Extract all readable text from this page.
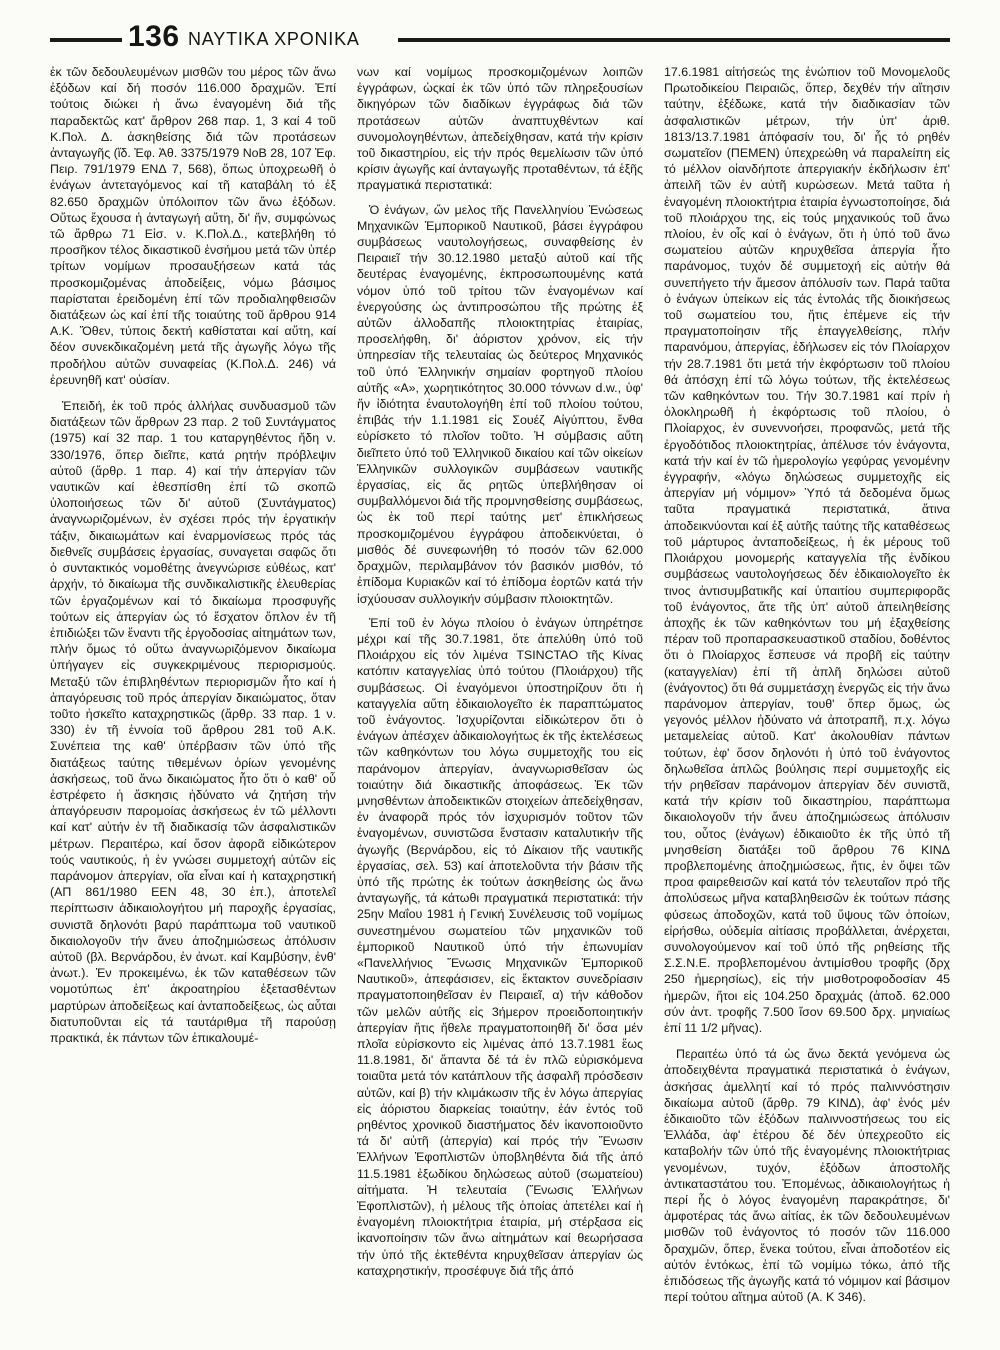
136 ΝΑΥΤΙΚΑ ΧΡΟΝΙΚΑ

ἐκ τῶν δεδουλευμένων μισθῶν του μέρος τῶν ἄνω ἐξόδων καί δή ποσόν 116.000 δραχμῶν. Ἐπί τούτοις διώκει ἡ ἄνω ἐναγομένη διά τῆς παραδεκτῶς κατ' ἄρθρον 268 παρ. 1, 3 καί 4 τοῦ Κ.Πολ. Δ. ἀσκηθείσης διά τῶν προτάσεων ἀνταγωγῆς (ἴδ. Ἐφ. Ἀθ. 3375/1979 ΝοΒ 28, 107 Ἐφ. Πειρ. 791/1979 ΕΝΔ 7, 568), ὅπως ὑποχρεωθῆ ὁ ἐνάγων ἀντεταγόμενος καί τῆ καταβάλη τό ἐξ 82.650 δραχμῶν ὑπόλοιπον τῶν ἄνω ἐξόδων. Οὕτως ἔχουσα ἡ ἀνταγωγή αὕτη, δι' ἥν, συμφώνως τῶ ἄρθρω 71 Εἰσ. ν. Κ.Πολ.Δ., κατεβλήθη τό προσῆκον τέλος δικαστικοῦ ἐνσήμου μετά τῶν ὑπέρ τρίτων νομίμων προσαυξήσεων κατά τάς προσκομιζομένας ἀποδείξεις, νόμω βάσιμος παρίσταται ἐρειδομένη ἐπί τῶν προδιαληφθεισῶν διατάξεων ὡς καί ἐπί τῆς τοιαύτης τοῦ ἄρθρου 914 Α.Κ. Ὅθεν, τύποις δεκτή καθίσταται καί αὕτη, καί δέον συνεκδικαζομένη μετά τῆς ἀγωγῆς λόγω τῆς προδήλου αὐτῶν συναφείας (Κ.Πολ.Δ. 246) νά ἐρευνηθῆ κατ' οὐσίαν.

Ἐπειδή, ἐκ τοῦ πρός ἀλλήλας συνδυασμοῦ τῶν διατάξεων τῶν ἄρθρων 23 παρ. 2 τοῦ Συντάγματος (1975) καί 32 παρ. 1 του καταργηθέντος ἤδη ν. 330/1976, ὅπερ διεῖπε, κατά ρητήν πρόβλεψιν αὐτοῦ (ἄρθρ. 1 παρ. 4) καί τήν ἀπεργίαν τῶν ναυτικῶν καί ἐθεσπίσθη ἐπί τῶ σκοπῶ ὑλοποιήσεως τῶν δι' αὐτοῦ (Συντάγματος) ἀναγνωριζομένων, ἐν σχέσει πρός τήν ἐργατικήν τάξιν, δικαιωμάτων καί ἐναρμονίσεως πρός τάς διεθνεῖς συμβάσεις ἐργασίας, συναγεται σαφῶς ὅτι ὁ συντακτικός νομοθέτης ἀνεγνώρισε εὐθέως, κατ' ἀρχήν, τό δικαίωμα τῆς συνδικαλιστικῆς ἐλευθερίας τῶν ἐργαζομένων καί τό δικαίωμα προσφυγῆς τούτων εἰς ἀπεργίαν ὡς τό ἔσχατον ὅπλον ἐν τῆ ἐπιδιώξει τῶν ἔναντι τῆς ἐργοδοσίας αἰτημάτων των, πλήν ὅμως τό οὕτω ἀναγνωριζόμενον δικαίωμα ὑπήγαγεν εἰς συγκεκριμένους περιορισμούς. Μεταξύ τῶν ἐπιβληθέντων περιορισμῶν ἦτο καί ἡ ἀπαγόρευσις τοῦ πρός ἀπεργίαν δικαιώματος, ὅταν τοῦτο ἠσκεῖτο καταχρηστικῶς (ἄρθρ. 33 παρ. 1 ν. 330) ἐν τῆ ἐννοία τοῦ ἄρθρου 281 τοῦ Α.Κ. Συνέπεια της καθ' ὑπέρβασιν τῶν ὑπό τῆς διατάξεως ταύτης τιθεμένων ὁρίων γενομένης ἀσκήσεως, τοῦ ἄνω δικαιώματος ἦτο ὅτι ὁ καθ' οὗ ἐστρέφετο ἡ ἄσκησις ἠδύνατο νά ζητήση τήν ἀπαγόρευσιν παρομοίας ἀσκήσεως ἐν τῶ μέλλοντι καί κατ' αὐτήν ἐν τῆ διαδικασίᾳ τῶν ἀσφαλιστικῶν μέτρων. Περαιτέρω, καί ὅσον ἀφορᾶ εἰδικώτερον τούς ναυτικούς, ἡ ἐν γνώσει συμμετοχή αὐτῶν εἰς παράνομον ἀπεργίαν, οἵα εἶναι καί ἡ καταχρηστική (ΑΠ 861/1980 ΕΕΝ 48, 30 ἑπ.), ἀποτελεῖ περίπτωσιν ἀδικαιολογήτου μή παροχῆς ἐργασίας, συνιστᾶ δηλονότι βαρύ παράπτωμα τοῦ ναυτικοῦ δικαιολογοῦν τήν ἄνευ ἀποζημιώσεως ἀπόλυσιν αὐτοῦ (βλ. Βερνάρδου, ἐν ἀνωτ. καί Καμβύσην, ἐνθ' ἀνωτ.). Ἐν προκειμένω, ἐκ τῶν καταθέσεων τῶν νομοτύπως ἐπ' ἀκροατηρίου ἐξετασθέντων μαρτύρων ἀποδείξεως καί ἀνταποδείξεως, ὡς αὗται διατυποῦνται εἰς τά ταυτάριθμα τῆ παρούσῃ πρακτικά, ἐκ πάντων τῶν ἐπικαλουμέ-

νων καί νομίμως προσκομιζομένων λοιπῶν ἐγγράφων, ὡςκαί ἐκ τῶν ὑπό τῶν πληρεξουσίων δικηγόρων τῶν διαδίκων ἐγγράφως διά τῶν προτάσεων αὐτῶν ἀναπτυχθέντων καί συνομολογηθέντων, ἀπεδείχθησαν, κατά τήν κρίσιν τοῦ δικαστηρίου, εἰς τήν πρός θεμελίωσιν τῶν ὑπό κρίσιν ἀγωγῆς καί ἀνταγωγῆς προταθέντων, τά ἑξῆς πραγματικά περιστατικά:

Ὁ ἐνάγων, ὤν μελος τῆς Πανελληνίου Ἑνώσεως Μηχανικῶν Ἐμπορικοῦ Ναυτικοῦ, βάσει ἐγγράφου συμβάσεως ναυτολογήσεως, συναφθείσης ἐν Πειραιεῖ τήν 30.12.1980 μεταξύ αὐτοῦ καί τῆς δευτέρας ἐναγομένης, ἐκπροσωπουμένης κατά νόμον ὑπό τοῦ τρίτου τῶν ἐναγομένων καί ἐνεργούσης ὡς ἀντιπροσώπου τῆς πρώτης ἐξ αὐτῶν ἀλλοδαπῆς πλοιοκτητρίας ἑταιρίας, προσελήφθη, δι' ἀόριστον χρόνον, εἰς τήν ὑπηρεσίαν τῆς τελευταίας ὡς δεύτερος Μηχανικός τοῦ ὑπό Ἑλληνικήν σημαίαν φορτηγοῦ πλοίου αὐτῆς «Α», χωρητικότητος 30.000 τόννων d.w., ὑφ' ἥν ἰδιότητα ἐναυτολογήθη ἐπί τοῦ πλοίου τούτου, ἐπιβάς τήν 1.1.1981 εἰς Σουέζ Αἰγύπτου, ἔνθα εὑρίσκετο τό πλοῖον τοῦτο. Ἡ σύμβασις αὕτη διεῖπετο ὑπό τοῦ Ἑλληνικοῦ δικαίου καί τῶν οἰκείων Ἑλληνικῶν συλλογικῶν συμβάσεων ναυτικῆς ἐργασίας, εἰς ἅς ρητῶς ὑπεβλήθησαν οἱ συμβαλλόμενοι διά τῆς προμνησθείσης συμβάσεως, ὡς ἐκ τοῦ περί ταύτης μετ' ἐπικλήσεως προσκομιζομένου ἐγγράφου ἀποδεικνύεται, ὁ μισθός δέ συνεφωνήθη τό ποσόν τῶν 62.000 δραχμῶν, περιλαμβάνον τόν βασικόν μισθόν, τό ἐπίδομα Κυριακῶν καί τό ἐπίδομα ἐορτῶν κατά τήν ἰσχύουσαν συλλογικήν σύμβασιν πλοιοκτητῶν.

Ἐπί τοῦ ἐν λόγω πλοίου ὁ ἐνάγων ὑπηρέτησε μέχρι καί τῆς 30.7.1981, ὅτε ἀπελύθη ὑπό τοῦ Πλοιάρχου εἰς τόν λιμένα TSINCTAO τῆς Κίνας κατόπιν καταγγελίας ὑπό τούτου (Πλοιάρχου) τῆς συμβάσεως. Οἱ ἐναγόμενοι ὑποστηρίζουν ὅτι ἡ καταγγελία αὕτη ἐδικαιολογεῖτο ἐκ παραπτώματος τοῦ ἐνάγοντος. Ἰσχυρίζονται εἰδικώτερον ὅτι ὁ ἐνάγων ἀπέσχεν ἀδικαιολογήτως ἐκ τῆς ἐκτελέσεως τῶν καθηκόντων του λόγω συμμετοχῆς του εἰς παράνομον ἀπεργίαν, ἀναγνωρισθεῖσαν ὡς τοιαύτην διά δικαστικῆς ἀποφάσεως. Ἐκ τῶν μνησθέντων ἀποδεικτικῶν στοιχείων ἀπεδείχθησαν, ἐν ἀναφορᾶ πρός τόν ἰσχυρισμόν τοῦτον τῶν ἐναγομένων, συνιστῶσα ἔνστασιν καταλυτικήν τῆς ἀγωγῆς (Βερνάρδου, εἰς τό Δίκαιον τῆς ναυτικῆς ἐργασίας, σελ. 53) καί ἀποτελοῦντα τήν βάσιν τῆς ὑπό τῆς πρώτης ἐκ τούτων ἀσκηθείσης ὡς ἄνω ἀνταγωγῆς, τά κάτωθι πραγματικά περιστατικά: τήν 25ην Μαΐου 1981 ἡ Γενική Συνέλευσις τοῦ νομίμως συνεστημένου σωματείου τῶν μηχανικῶν τοῦ ἐμπορικοῦ Ναυτικοῦ ὑπό τήν ἐπωνυμίαν «Πανελλήνιος Ἕνωσις Μηχανικῶν Ἐμπορικοῦ Ναυτικοῦ», ἀπεφάσισεν, εἰς ἔκτακτον συνεδρίασιν πραγματοποιηθεῖσαν ἐν Πειραιεῖ, α) τήν κάθοδον τῶν μελῶν αὐτῆς εἰς 3ήμερον προειδοποιητικήν ἀπεργίαν ἥτις ἤθελε πραγματοποιηθῆ δι' ὅσα μέν πλοῖα εὑρίσκοντο εἰς λιμένας ἀπό 13.7.1981 ἕως 11.8.1981, δι' ἅπαντα δέ τά ἐν πλῶ εὑρισκόμενα τοιαῦτα μετά τόν κατάπλουν τῆς ἀσφαλῆ πρόσδεσιν αὐτῶν, καί β) τήν κλιμάκωσιν τῆς ἐν λόγω ἀπεργίας εἰς ἀόριστου διαρκείας τοιαύτην, ἐάν ἐντός τοῦ ρηθέντος χρονικοῦ διαστήματος δέν ἱκανοποιοῦντο τά δι' αὐτῆ (ἀπεργία) καί πρός τήν Ἕνωσιν Ἑλλήνων Ἐφοπλιστῶν ὑποβληθέντα διά τῆς ἀπό 11.5.1981 ἐξωδίκου δηλώσεως αὐτοῦ (σωματείου) αἰτήματα. Ἡ τελευταία (Ἕνωσις Ἑλλήνων Ἐφοπλιστῶν), ἡ μέλους τῆς ὁποίας ἀπετέλει καί ἡ ἐναγομένη πλοιοκτήτρια ἑταιρία, μή στέρξασα εἰς ἱκανοποίησιν τῶν ἄνω αἰτημάτων καί θεωρήσασα τήν ὑπό τῆς ἐκτεθέντα κηρυχθεῖσαν ἀπεργίαν ὡς καταχρηστικήν, προσέφυγε διά τῆς ἀπό

17.6.1981 αἰτήσεώς της ἐνώπιον τοῦ Μονομελοῦς Πρωτοδικείου Πειραιῶς, ὅπερ, δεχθέν τήν αἴτησιν ταύτην, ἐξέδωκε, κατά τήν διαδικασίαν τῶν ἀσφαλιστικῶν μέτρων, τήν ὑπ' ἀριθ. 1813/13.7.1981 ἀπόφασίν του, δι' ἧς τό ρηθέν σωματεῖον (ΠΕΜΕΝ) ὑπεχρεώθη νά παραλείπη εἰς τό μέλλον οἱανδήποτε ἀπεργιακήν ἐκδήλωσιν ἐπ' ἀπειλῆ τῶν ἐν αὐτῆ κυρώσεων. Μετά ταῦτα ἡ ἐναγομένη πλοιοκτήτρια ἑταιρία ἐγνωστοποίησε, διά τοῦ πλοιάρχου της, εἰς τούς μηχανικούς τοῦ ἄνω πλοίου, ἐν οἷς καί ὁ ἐνάγων, ὅτι ἡ ὑπό τοῦ ἄνω σωματείου αὐτῶν κηρυχθεῖσα ἀπεργία ἦτο παράνομος, τυχόν δέ συμμετοχή εἰς αὐτήν θά συνεπήγετο τήν ἄμεσον ἀπόλυσίν των. Παρά ταῦτα ὁ ἐνάγων ὑπείκων εἰς τάς ἐντολάς τῆς διοικήσεως τοῦ σωματείου του, ἥτις ἐπέμενε εἰς τήν πραγματοποίησιν τῆς ἐπαγγελθείσης, πλήν παρανόμου, ἀπεργίας, ἐδήλωσεν εἰς τόν Πλοίαρχον τήν 28.7.1981 ὅτι μετά τήν ἐκφόρτωσιν τοῦ πλοίου θά ἀπόσχη ἐπί τῶ λόγω τούτων, τῆς ἐκτελέσεως τῶν καθηκόντων του. Τήν 30.7.1981 καί πρίν ἡ ὁλοκληρωθῆ ἡ ἐκφόρτωσις τοῦ πλοίου, ὁ Πλοίαρχος, ἐν συνεννοήσει, προφανῶς, μετά τῆς ἐργοδότιδος πλοιοκτητρίας, ἀπέλυσε τόν ἐνάγοντα, κατά τήν καί ἐν τῶ ἡμερολογίω γεφύρας γενομένην ἐγγραφήν, «λόγω δηλώσεως συμμετοχῆς εἰς ἀπεργίαν μή νόμιμον» Ὑπό τά δεδομένα ὅμως ταῦτα πραγματικά περιστατικά, ἅτινα ἀποδεικνύονται καί ἐξ αὐτῆς ταύτης τῆς καταθέσεως τοῦ μάρτυρος ἀνταποδείξεως, ἡ ἐκ μέρους τοῦ Πλοιάρχου μονομερής καταγγελία τῆς ἐνδίκου συμβάσεως ναυτολογήσεως δέν ἐδικαιολογεῖτο ἐκ τινος ἀντισυμβατικῆς καί ὑπαιτίου συμπεριφορᾶς τοῦ ἐνάγοντος, ἅτε τῆς ὑπ' αὐτοῦ ἀπειληθείσης ἀποχῆς ἐκ τῶν καθηκόντων του μή ἐξαχθείσης πέραν τοῦ προπαρασκευαστικοῦ σταδίου, δοθέντος ὅτι ὁ Πλοίαρχος ἔσπευσε νά προβῆ εἰς ταύτην (καταγγελίαν) ἐπί τῆ ἁπλῆ δηλώσει αὐτοῦ (ἐνάγοντος) ὅτι θά συμμετάσχη ἐνεργῶς εἰς τήν ἄνω παράνομον ἀπεργίαν, τουθ' ὅπερ ὅμως, ὡς γεγονός μέλλον ἠδύνατο νά ἀποτραπῆ, π.χ. λόγω μεταμελείας αὐτοῦ. Κατ' ἀκολουθίαν πάντων τούτων, ἐφ' ὅσον δηλονότι ἡ ὑπό τοῦ ἐνάγοντος δηλωθεῖσα ἁπλῶς βούλησις περί συμμετοχῆς εἰς τήν ρηθεῖσαν παράνομον ἀπεργίαν δέν συνιστᾶ, κατά τήν κρίσιν τοῦ δικαστηρίου, παράπτωμα δικαιολογοῦν τήν ἄνευ ἀποζημιώσεως ἀπόλυσιν του, οὗτος (ἐνάγων) ἐδικαιοῦτο ἐκ τῆς ὑπό τῆ μνησθείση διατάξει τοῦ ἄρθρου 76 ΚΙΝΔ προβλεπομένης ἀποζημιώσεως, ἥτις, ἐν ὄψει τῶν προα φαιρεθεισῶν καί κατά τόν τελευταῖον πρό τῆς ἀπολύσεως μῆνα καταβληθεισῶν ἐκ τούτων πάσης φύσεως ἀποδοχῶν, κατά τοῦ ὕψους τῶν ὁποίων, εἰρήσθω, οὐδεμία αἰτίασις προβάλλεται, ἀνέρχεται, συνολογούμενον καί τοῦ ὑπό τῆς ρηθείσης τῆς Σ.Σ.Ν.Ε. προβλεπομένου ἀντιμίσθου τροφῆς (δρχ 250 ἡμερησίως), εἰς τήν μισθοτροφοδοσίαν 45 ἡμερῶν, ἤτοι εἰς 104.250 δραχμάς (ἀποδ. 62.000 σύν ἀντ. τροφῆς 7.500 ἴσον 69.500 δρχ. μηνιαίως ἐπί 11 1/2 μῆνας).

Περαιτέω ὑπό τά ὡς ἄνω δεκτά γενόμενα ὡς ἀποδειχθέντα πραγματικά περιστατικά ὁ ἐνάγων, ἀσκήσας ἀμελλητί καί τό πρός παλιννόστησιν δικαίωμα αὐτοῦ (ἄρθρ. 79 ΚΙΝΔ), ἀφ' ἑνός μέν ἐδικαιοῦτο τῶν ἐξόδων παλιννοστήσεως του εἰς Ἑλλάδα, ἀφ' ἑτέρου δέ δέν ὑπεχρεοῦτο εἰς καταβολήν τῶν ὑπό τῆς ἐναγομένης πλοιοκτήτριας γενομένων, τυχόν, ἐξόδων ἀποστολῆς ἀντικαταστάτου του. Ἐπομένως, ἀδικαιολογήτως ἡ περί ἧς ὁ λόγος ἐναγομένη παρακράτησε, δι' ἀμφοτέρας τάς ἄνω αἰτίας, ἐκ τῶν δεδουλευμένων μισθῶν τοῦ ἐνάγοντος τό ποσόν τῶν 116.000 δραχμῶν, ὅπερ, ἕνεκα τούτου, εἶναι ἀποδοτέον εἰς αὐτόν ἐντόκως, ἐπί τῶ νομίμω τόκω, ἀπό τῆς ἐπιδόσεως τῆς ἀγωγῆς κατά τό νόμιμον καί βάσιμον περί τούτου αἴτημα αὐτοῦ (Α. Κ 346).
